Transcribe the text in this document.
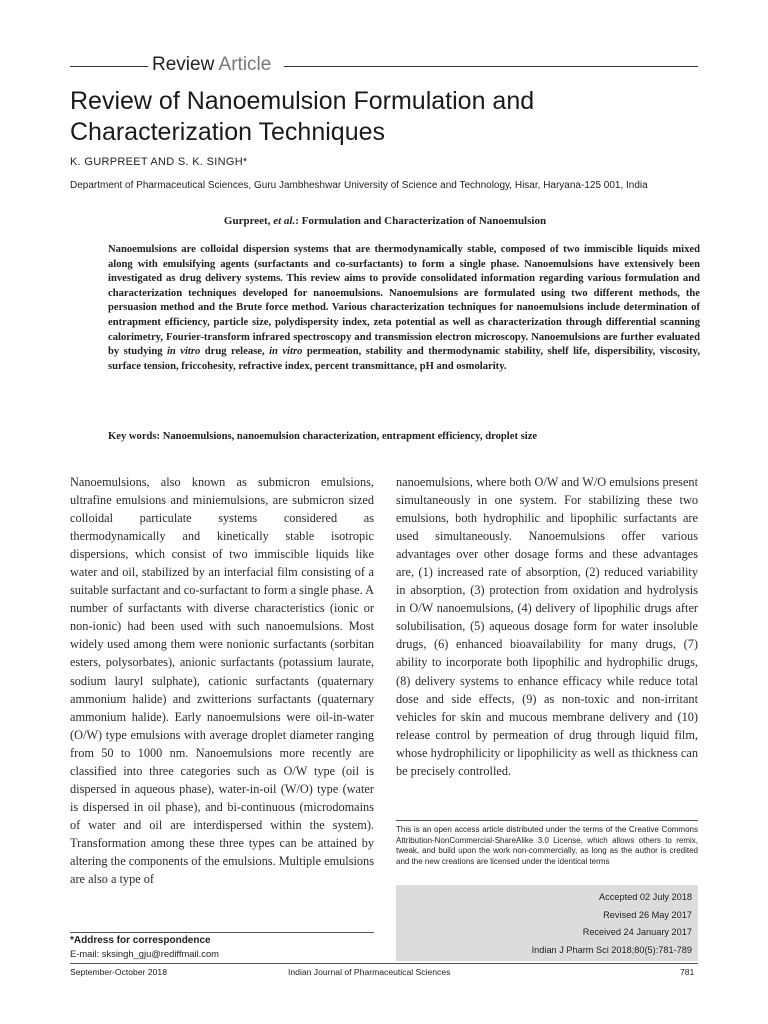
Review Article
Review of Nanoemulsion Formulation and Characterization Techniques
K. GURPREET AND S. K. SINGH*
Department of Pharmaceutical Sciences, Guru Jambheshwar University of Science and Technology, Hisar, Haryana-125 001, India
Gurpreet, et al.: Formulation and Characterization of Nanoemulsion
Nanoemulsions are colloidal dispersion systems that are thermodynamically stable, composed of two immiscible liquids mixed along with emulsifying agents (surfactants and co-surfactants) to form a single phase. Nanoemulsions have extensively been investigated as drug delivery systems. This review aims to provide consolidated information regarding various formulation and characterization techniques developed for nanoemulsions. Nanoemulsions are formulated using two different methods, the persuasion method and the Brute force method. Various characterization techniques for nanoemulsions include determination of entrapment efficiency, particle size, polydispersity index, zeta potential as well as characterization through differential scanning calorimetry, Fourier-transform infrared spectroscopy and transmission electron microscopy. Nanoemulsions are further evaluated by studying in vitro drug release, in vitro permeation, stability and thermodynamic stability, shelf life, dispersibility, viscosity, surface tension, friccohesity, refractive index, percent transmittance, pH and osmolarity.
Key words: Nanoemulsions, nanoemulsion characterization, entrapment efficiency, droplet size
Nanoemulsions, also known as submicron emulsions, ultrafine emulsions and miniemulsions, are submicron sized colloidal particulate systems considered as thermodynamically and kinetically stable isotropic dispersions, which consist of two immiscible liquids like water and oil, stabilized by an interfacial film consisting of a suitable surfactant and co-surfactant to form a single phase. A number of surfactants with diverse characteristics (ionic or non-ionic) had been used with such nanoemulsions. Most widely used among them were nonionic surfactants (sorbitan esters, polysorbates), anionic surfactants (potassium laurate, sodium lauryl sulphate), cationic surfactants (quaternary ammonium halide) and zwitterions surfactants (quaternary ammonium halide). Early nanoemulsions were oil-in-water (O/W) type emulsions with average droplet diameter ranging from 50 to 1000 nm. Nanoemulsions more recently are classified into three categories such as O/W type (oil is dispersed in aqueous phase), water-in-oil (W/O) type (water is dispersed in oil phase), and bi-continuous (microdomains of water and oil are interdispersed within the system). Transformation among these three types can be attained by altering the components of the emulsions. Multiple emulsions are also a type of
nanoemulsions, where both O/W and W/O emulsions present simultaneously in one system. For stabilizing these two emulsions, both hydrophilic and lipophilic surfactants are used simultaneously. Nanoemulsions offer various advantages over other dosage forms and these advantages are, (1) increased rate of absorption, (2) reduced variability in absorption, (3) protection from oxidation and hydrolysis in O/W nanoemulsions, (4) delivery of lipophilic drugs after solubilisation, (5) aqueous dosage form for water insoluble drugs, (6) enhanced bioavailability for many drugs, (7) ability to incorporate both lipophilic and hydrophilic drugs, (8) delivery systems to enhance efficacy while reduce total dose and side effects, (9) as non-toxic and non-irritant vehicles for skin and mucous membrane delivery and (10) release control by permeation of drug through liquid film, whose hydrophilicity or lipophilicity as well as thickness can be precisely controlled.
This is an open access article distributed under the terms of the Creative Commons Attribution-NonCommercial-ShareAlike 3.0 License, which allows others to remix, tweak, and build upon the work non-commercially, as long as the author is credited and the new creations are licensed under the identical terms
Accepted 02 July 2018
Revised 26 May 2017
Received 24 January 2017
Indian J Pharm Sci 2018;80(5):781-789
*Address for correspondence
E-mail: sksingh_gju@rediffmail.com
September-October 2018	Indian Journal of Pharmaceutical Sciences	781
